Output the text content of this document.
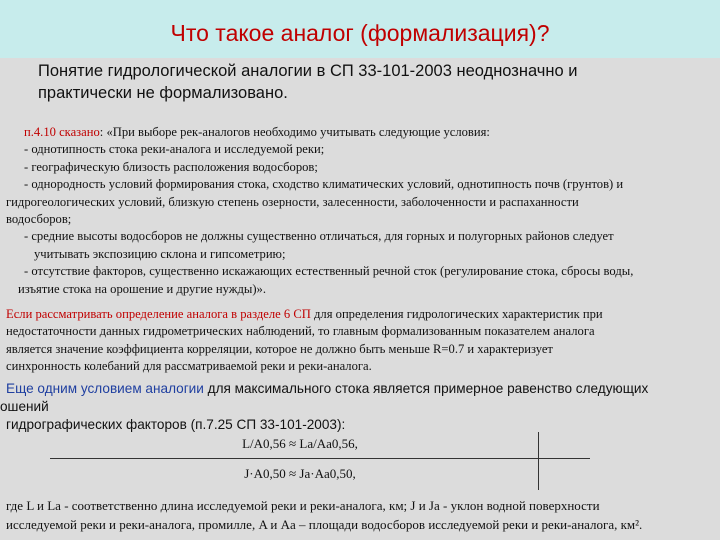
Что такое аналог (формализация)?
Понятие гидрологической аналогии в СП 33-101-2003 неоднозначно и
практически не формализовано.
п.4.10 сказано: «При выборе рек-аналогов необходимо учитывать следующие условия:
- однотипность стока реки-аналога и исследуемой реки;
- географическую близость расположения водосборов;
- однородность условий формирования стока, сходство климатических условий, однотипность почв (грунтов) и
гидрогеологических условий, близкую степень озерности, залесенности, заболоченности и распаханности
водосборов;
- средние высоты водосборов не должны существенно отличаться, для горных и полугорных районов следует
учитывать экспозицию склона и гипсометрию;
- отсутствие факторов, существенно искажающих естественный речной сток (регулирование стока, сбросы воды,
изъятие стока на орошение и другие нужды)».
Если рассматривать определение аналога в разделе 6 СП для определения гидрологических характеристик при
недостаточности данных гидрометрических наблюдений, то главным формализованным показателем аналога
является значение коэффициента корреляции, которое не должно быть меньше R=0.7 и характеризует
синхронность колебаний для рассматриваемой реки и реки-аналога.
Еще одним условием аналогии для максимального стока является примерное равенство следующих
ошений
гидрографических факторов (п.7.25 СП 33-101-2003):
L/A0,56 ≈ Lа/Aа0,56,
J·A0,50 ≈ Jа·Aа0,50,
где L и Lа - соответственно длина исследуемой реки и реки-аналога, км; J и Jа - уклон водной поверхности
исследуемой реки и реки-аналога, промилле, A и Aа – площади водосборов исследуемой реки и реки-аналога, км².
